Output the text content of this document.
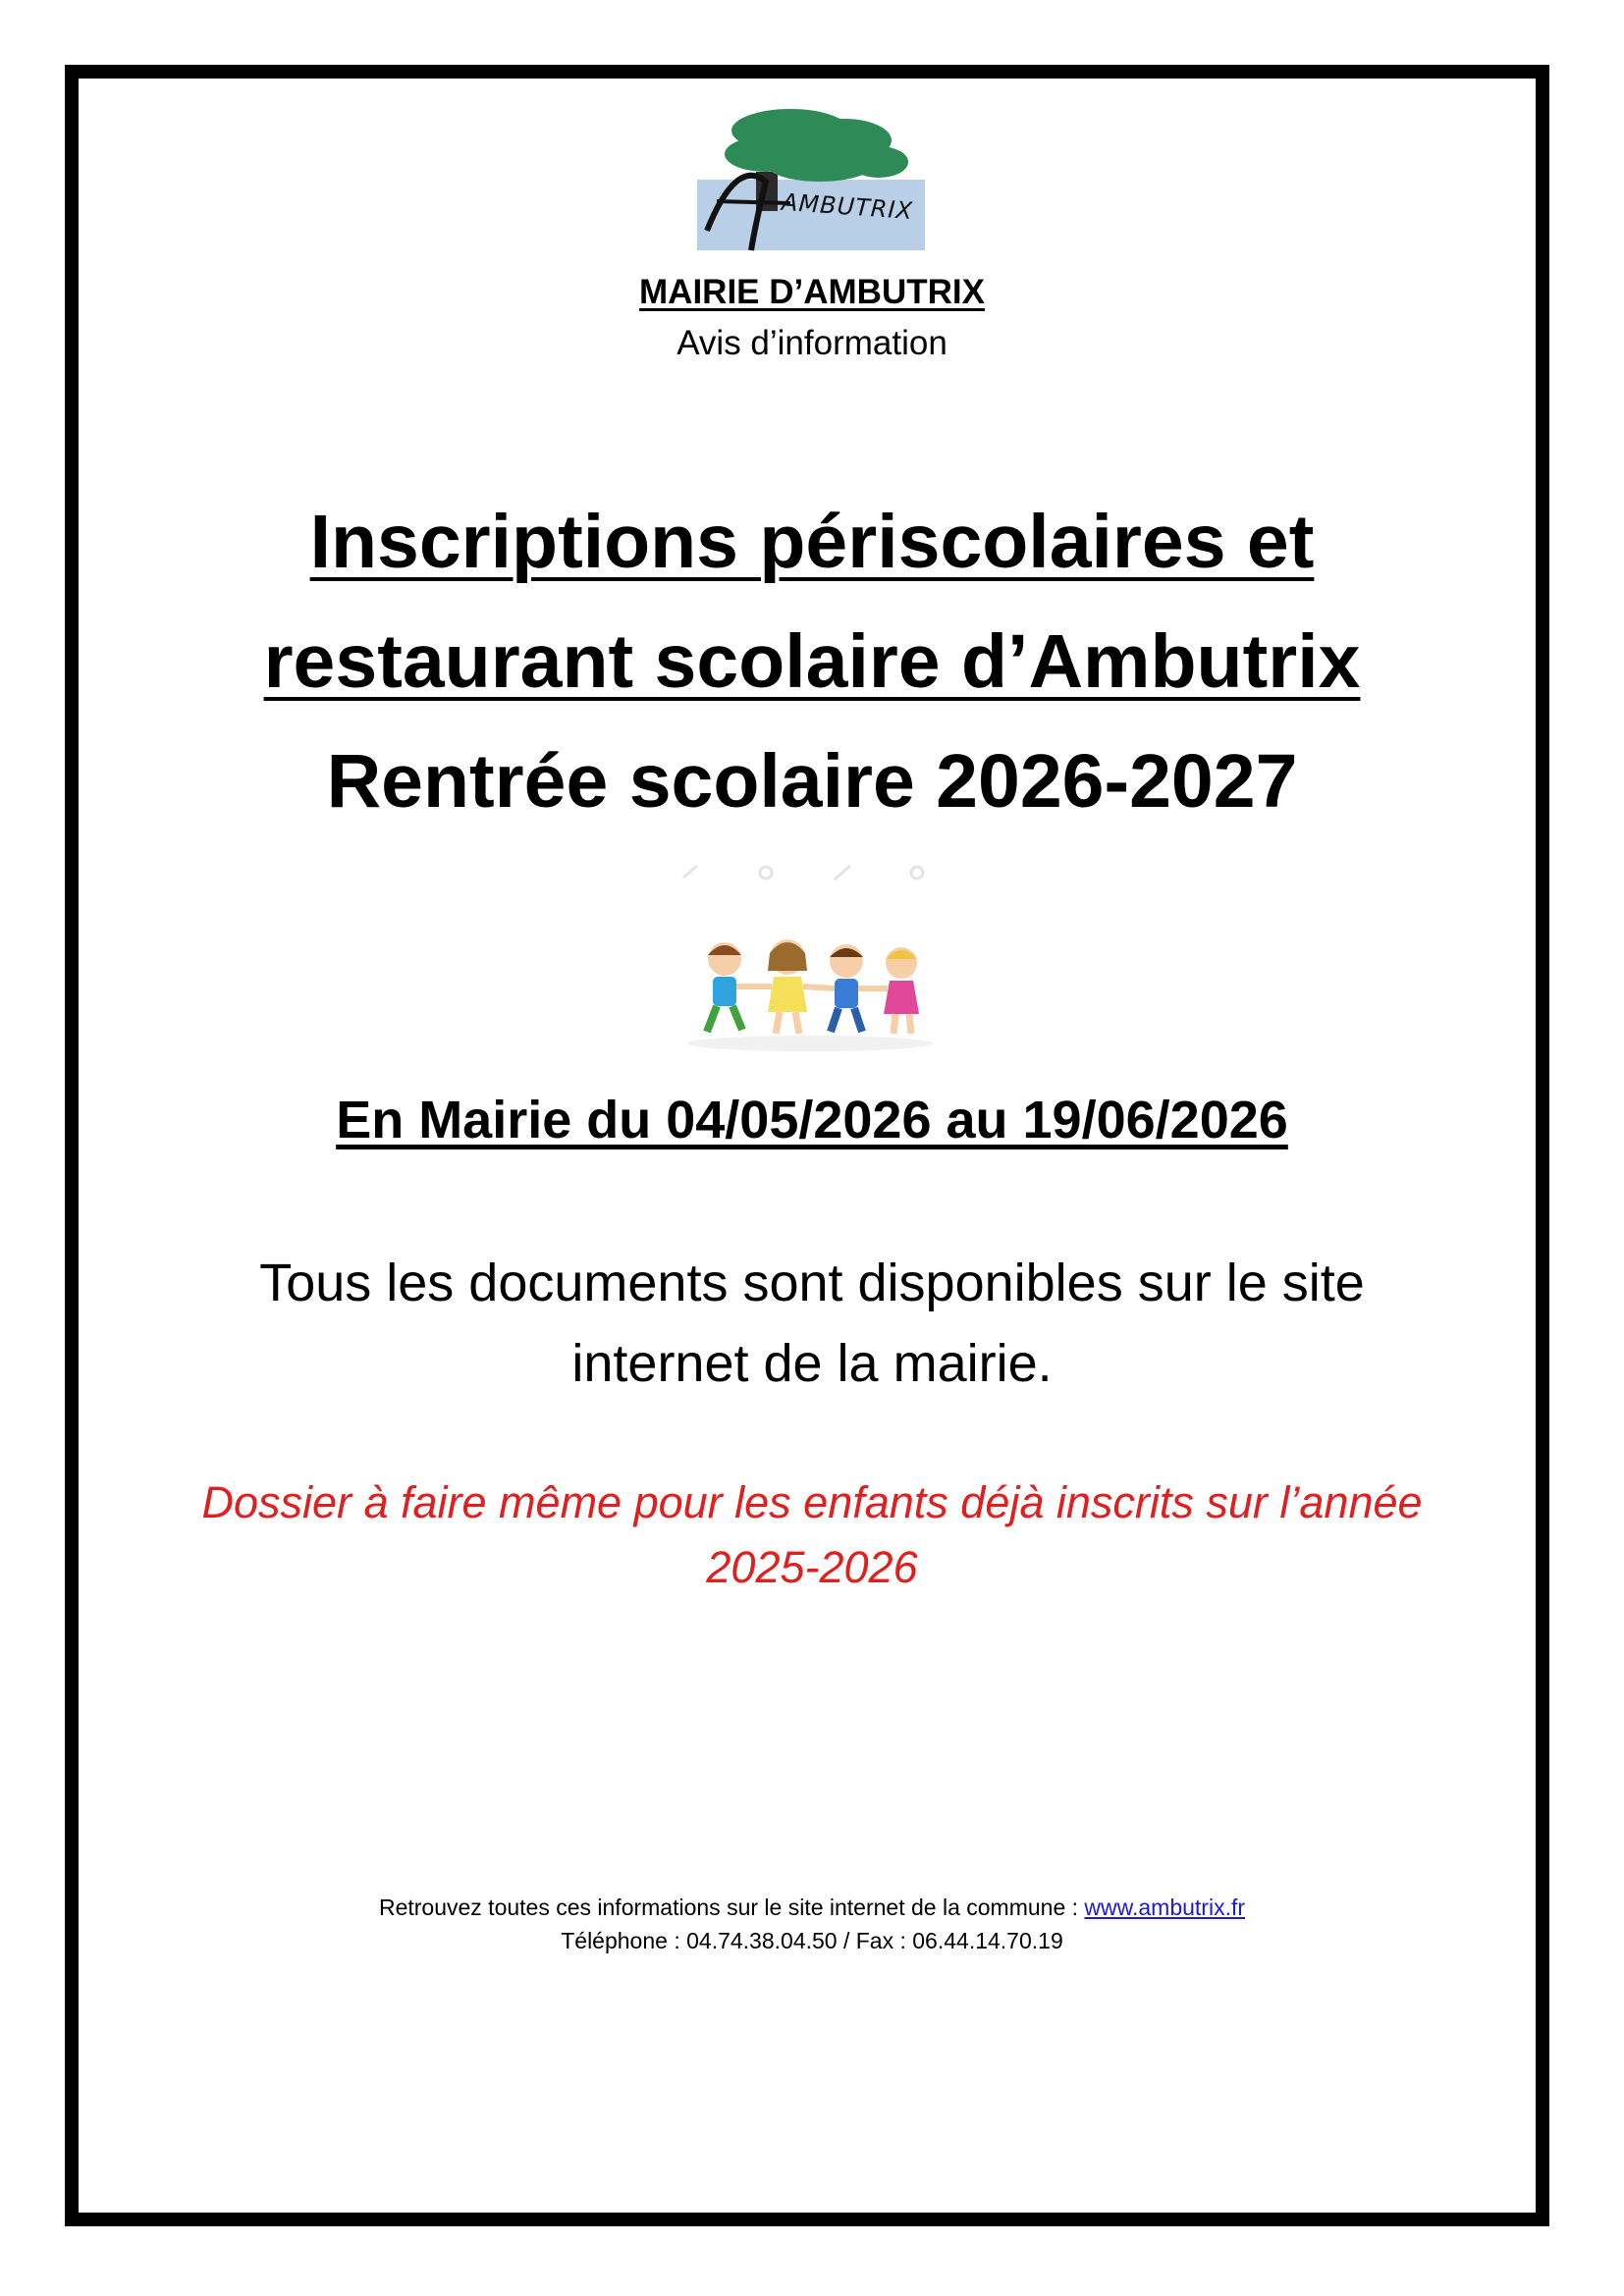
AMBUTRIX
MAIRIE D’AMBUTRIX
Avis d’information
Inscriptions périscolaires et
restaurant scolaire d’Ambutrix
Rentrée scolaire 2026-2027
En Mairie du 04/05/2026 au 19/06/2026
Tous les documents sont disponibles sur le site
internet de la mairie.
Dossier à faire même pour les enfants déjà inscrits sur l’année
2025-2026
Retrouvez toutes ces informations sur le site internet de la commune : www.ambutrix.fr
Téléphone : 04.74.38.04.50 / Fax : 06.44.14.70.19
